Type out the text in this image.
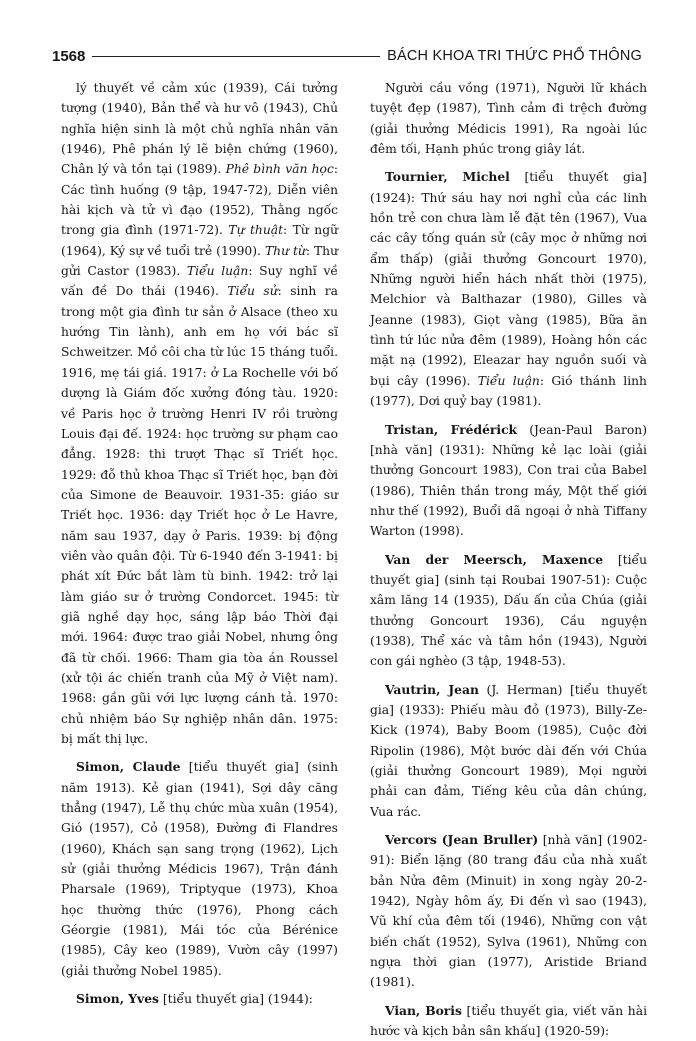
1568	BÁCH KHOA TRI THỨC PHỔ THÔNG

lý thuyết về cảm xúc (1939), Cái tưởng tượng (1940), Bản thể và hư vô (1943), Chủ nghĩa hiện sinh là một chủ nghĩa nhân văn (1946), Phê phán lý lẽ biện chứng (1960), Chân lý và tồn tại (1989). Phê bình văn học: Các tình huống (9 tập, 1947-72), Diễn viên hài kịch và tử vì đạo (1952), Thằng ngốc trong gia đình (1971-72). Tự thuật: Từ ngữ (1964), Ký sự về tuổi trẻ (1990). Thư từ: Thư gửi Castor (1983). Tiểu luận: Suy nghĩ về vấn đề Do thái (1946). Tiểu sử: sinh ra trong một gia đình tư sản ở Alsace (theo xu hướng Tin lành), anh em họ với bác sĩ Schweitzer. Mồ côi cha từ lúc 15 tháng tuổi. 1916, mẹ tái giá. 1917: ở La Rochelle với bố dượng là Giám đốc xưởng đóng tàu. 1920: về Paris học ở trường Henri IV rồi trường Louis đại đế. 1924: học trường sư phạm cao đẳng. 1928: thi trượt Thạc sĩ Triết học. 1929: đỗ thủ khoa Thạc sĩ Triết học, bạn đời của Simone de Beauvoir. 1931-35: giáo sư Triết học. 1936: dạy Triết học ở Le Havre, năm sau 1937, dạy ở Paris. 1939: bị động viên vào quân đội. Từ 6-1940 đến 3-1941: bị phát xít Đức bắt làm tù binh. 1942: trở lại làm giáo sư ở trường Condorcet. 1945: từ giã nghề dạy học, sáng lập báo Thời đại mới. 1964: được trao giải Nobel, nhưng ông đã từ chối. 1966: Tham gia tòa án Roussel (xử tội ác chiến tranh của Mỹ ở Việt nam). 1968: gần gũi với lực lượng cánh tả. 1970: chủ nhiệm báo Sự nghiệp nhân dân. 1975: bị mất thị lực.

Simon, Claude [tiểu thuyết gia] (sinh năm 1913). Kẻ gian (1941), Sợi dây căng thẳng (1947), Lễ thụ chức mùa xuân (1954), Gió (1957), Cỏ (1958), Đường đi Flandres (1960), Khách sạn sang trọng (1962), Lịch sử (giải thưởng Médicis 1967), Trận đánh Pharsale (1969), Triptyque (1973), Khoa học thường thức (1976), Phong cách Géorgie (1981), Mái tóc của Bérénice (1985), Cây keo (1989), Vườn cây (1997) (giải thưởng Nobel 1985).

Simon, Yves [tiểu thuyết gia] (1944):

Người cầu vồng (1971), Người lữ khách tuyệt đẹp (1987), Tình cảm đi trệch đường (giải thưởng Médicis 1991), Ra ngoài lúc đêm tối, Hạnh phúc trong giây lát.

Tournier, Michel [tiểu thuyết gia] (1924): Thứ sáu hay nơi nghỉ của các linh hồn trẻ con chưa làm lễ đặt tên (1967), Vua các cây tống quán sử (cây mọc ở những nơi ẩm thấp) (giải thưởng Goncourt 1970), Những người hiển hách nhất thời (1975), Melchior và Balthazar (1980), Gilles và Jeanne (1983), Giọt vàng (1985), Bữa ăn tình tứ lúc nửa đêm (1989), Hoàng hôn các mặt nạ (1992), Eleazar hay nguồn suối và bụi cây (1996). Tiểu luận: Gió thánh linh (1977), Dơi quỷ bay (1981).

Tristan, Frédérick (Jean-Paul Baron) [nhà văn] (1931): Những kẻ lạc loài (giải thưởng Goncourt 1983), Con trai của Babel (1986), Thiên thần trong máy, Một thế giới như thế (1992), Buổi dã ngoại ở nhà Tiffany Warton (1998).

Van der Meersch, Maxence [tiểu thuyết gia] (sinh tại Roubai 1907-51): Cuộc xâm lăng 14 (1935), Dấu ấn của Chúa (giải thưởng Goncourt 1936), Cầu nguyện (1938), Thể xác và tâm hồn (1943), Người con gái nghèo (3 tập, 1948-53).

Vautrin, Jean (J. Herman) [tiểu thuyết gia] (1933): Phiếu màu đỏ (1973), Billy-Ze-Kick (1974), Baby Boom (1985), Cuộc đời Ripolin (1986), Một bước dài đến với Chúa (giải thưởng Goncourt 1989), Mọi người phải can đảm, Tiếng kêu của dân chúng, Vua rác.

Vercors (Jean Bruller) [nhà văn] (1902-91): Biển lặng (80 trang đầu của nhà xuất bản Nửa đêm (Minuit) in xong ngày 20-2-1942), Ngày hôm ấy, Đi đến vì sao (1943), Vũ khí của đêm tối (1946), Những con vật biến chất (1952), Sylva (1961), Những con ngựa thời gian (1977), Aristide Briand (1981).

Vian, Boris [tiểu thuyết gia, viết văn hài hước và kịch bản sân khấu] (1920-59):
